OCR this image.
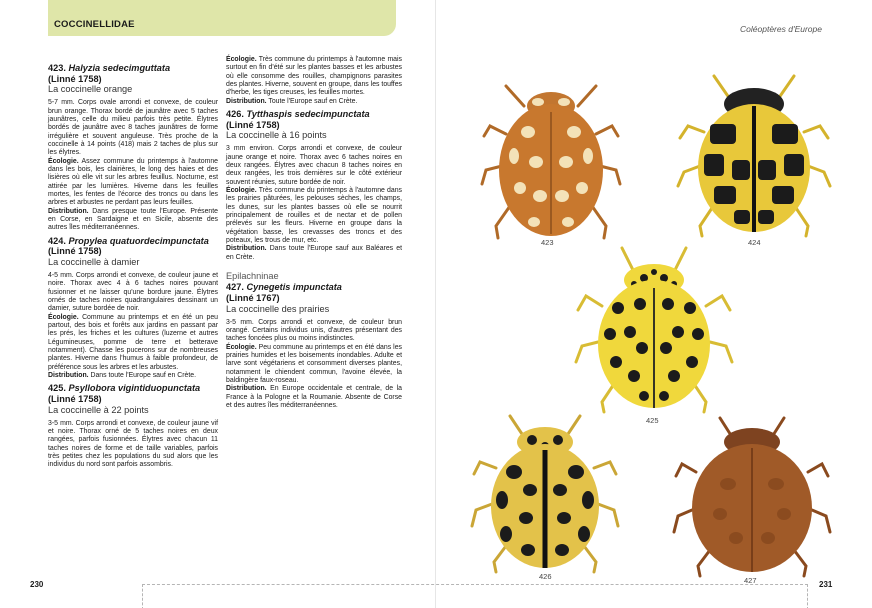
COCCINELLIDAE
423. Halyzia sedecimguttata
(Linné 1758)
La coccinelle orange
5-7 mm. Corps ovale arrondi et convexe, de couleur brun orange. Thorax bordé de jaunâtre avec 5 taches jaunâtres, celle du milieu parfois très petite. Élytres bordés de jaunâtre avec 8 taches jaunâtres de forme irrégulière et souvent anguleuse. Très proche de la coccinelle à 14 points (418) mais 2 taches de plus sur les élytres.
Écologie. Assez commune du printemps à l'automne dans les bois, les clairières, le long des haies et des lisières où elle vit sur les arbres feuillus. Nocturne, est attirée par les lumières. Hiverne dans les feuilles mortes, les fentes de l'écorce des troncs ou dans les arbres et arbustes ne perdant pas leurs feuilles.
Distribution. Dans presque toute l'Europe. Présente en Corse, en Sardaigne et en Sicile, absente des autres îles méditerranéennes.
424. Propylea quatuordecimpunctata
(Linné 1758)
La coccinelle à damier
4-5 mm. Corps arrondi et convexe, de couleur jaune et noire. Thorax avec 4 à 6 taches noires pouvant fusionner et ne laisser qu'une bordure jaune. Élytres ornés de taches noires quadrangulaires dessinant un damier, suture bordée de noir.
Écologie. Commune au printemps et en été un peu partout, des bois et forêts aux jardins en passant par les prés, les friches et les cultures (luzerne et autres Légumineuses, pomme de terre et betterave notamment). Chasse les pucerons sur de nombreuses plantes. Hiverne dans l'humus à faible profondeur, de préférence sous les arbres et les arbustes.
Distribution. Dans toute l'Europe sauf en Crète.
425. Psyllobora vigintiduopunctata
(Linné 1758)
La coccinelle à 22 points
3-5 mm. Corps arrondi et convexe, de couleur jaune vif et noire. Thorax orné de 5 taches noires en deux rangées, parfois fusionnées. Élytres avec chacun 11 taches noires de forme et de taille variables, parfois très petites chez les populations du sud alors que les individus du nord sont parfois assombris.
Écologie. Très commune du printemps à l'automne mais surtout en fin d'été sur les plantes basses et les arbustes où elle consomme des rouilles, champignons parasites des plantes. Hiverne, souvent en groupe, dans les touffes d'herbe, les tiges creuses, les feuilles mortes.
Distribution. Toute l'Europe sauf en Crète.
426. Tytthaspis sedecimpunctata
(Linné 1758)
La coccinelle à 16 points
3 mm environ. Corps arrondi et convexe, de couleur jaune orange et noire. Thorax avec 6 taches noires en deux rangées. Élytres avec chacun 8 taches noires en deux rangées, les trois dernières sur le côté extérieur souvent réunies, suture bordée de noir.
Écologie. Très commune du printemps à l'automne dans les prairies pâturées, les pelouses sèches, les champs, les dunes, sur les plantes basses où elle se nourrit principalement de rouilles et de nectar et de pollen prélevés sur les fleurs. Hiverne en groupe dans la végétation basse, les crevasses des troncs et des poteaux, les trous de mur, etc.
Distribution. Dans toute l'Europe sauf aux Baléares et en Crète.
Epilachninae
427. Cynegetis impunctata
(Linné 1767)
La coccinelle des prairies
3-5 mm. Corps arrondi et convexe, de couleur brun orangé. Certains individus unis, d'autres présentant des taches foncées plus ou moins indistinctes.
Écologie. Peu commune au printemps et en été dans les prairies humides et les boisements inondables. Adulte et larve sont végétariens et consomment diverses plantes, notamment le chiendent commun, l'avoine élevée, la baldingère faux-roseau.
Distribution. En Europe occidentale et centrale, de la France à la Pologne et la Roumanie. Absente de Corse et des autres îles méditerranéennes.
230
Coléoptères d'Europe
423	424
425
426	427	231
